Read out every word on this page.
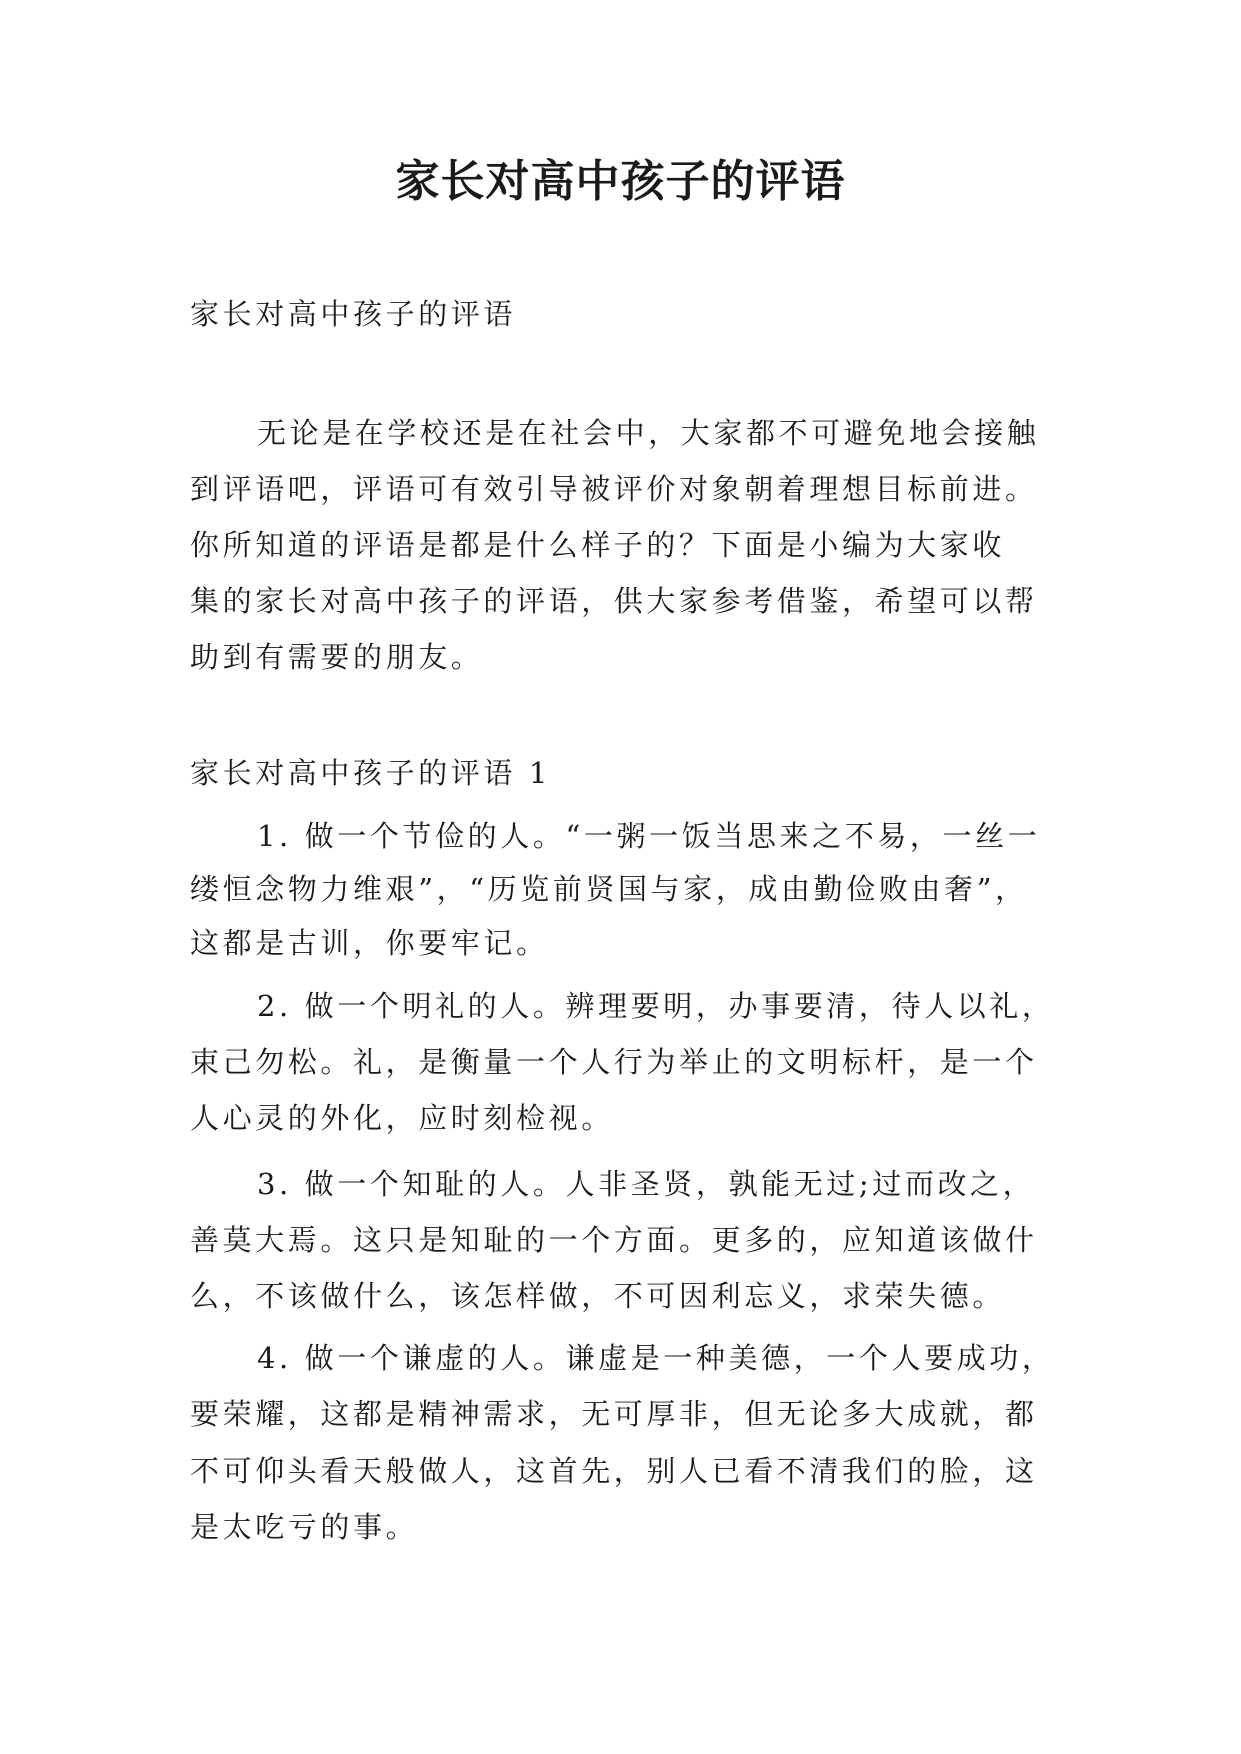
家长对高中孩子的评语
家长对高中孩子的评语
无论是在学校还是在社会中，大家都不可避免地会接触
到评语吧，评语可有效引导被评价对象朝着理想目标前进。
你所知道的评语是都是什么样子的？下面是小编为大家收
集的家长对高中孩子的评语，供大家参考借鉴，希望可以帮
助到有需要的朋友。
家长对高中孩子的评语 1
1. 做一个节俭的人。“一粥一饭当思来之不易，一丝一
缕恒念物力维艰”，“历览前贤国与家，成由勤俭败由奢”，
这都是古训，你要牢记。
2. 做一个明礼的人。辨理要明，办事要清，待人以礼，
束己勿松。礼，是衡量一个人行为举止的文明标杆，是一个
人心灵的外化，应时刻检视。
3. 做一个知耻的人。人非圣贤，孰能无过;过而改之，
善莫大焉。这只是知耻的一个方面。更多的，应知道该做什
么，不该做什么，该怎样做，不可因利忘义，求荣失德。
4. 做一个谦虚的人。谦虚是一种美德，一个人要成功，
要荣耀，这都是精神需求，无可厚非，但无论多大成就，都
不可仰头看天般做人，这首先，别人已看不清我们的脸，这
是太吃亏的事。
